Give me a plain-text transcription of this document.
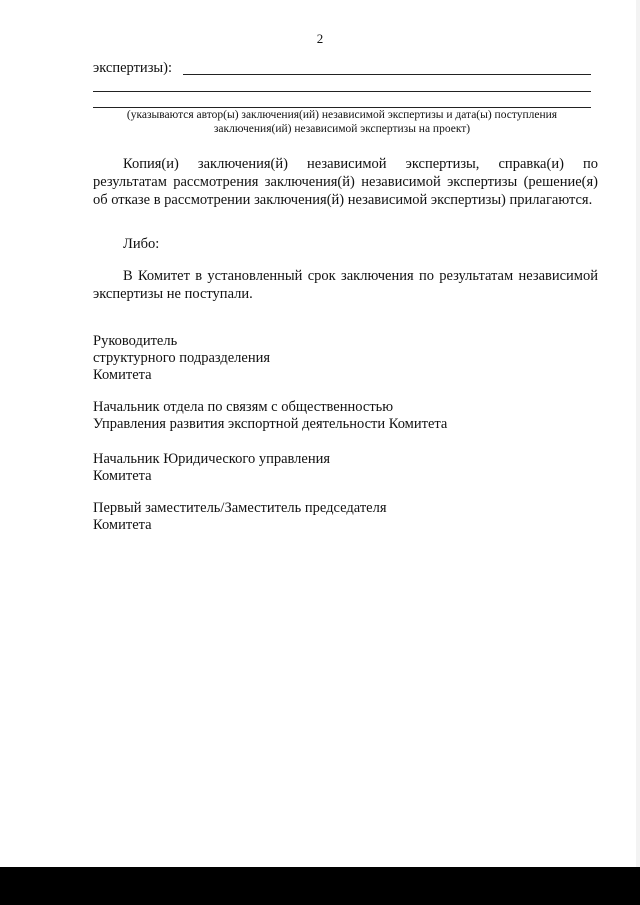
2
экспертизы):
(указываются автор(ы) заключения(ий) независимой экспертизы и дата(ы) поступления заключения(ий) независимой экспертизы на проект)
Копия(и) заключения(й) независимой экспертизы, справка(и) по результатам рассмотрения заключения(й) независимой экспертизы (решение(я) об отказе в рассмотрении заключения(й) независимой экспертизы) прилагаются.
Либо:
В Комитет в установленный срок заключения по результатам независимой экспертизы не поступали.
Руководитель
структурного подразделения
Комитета
Начальник отдела по связям с общественностью
Управления развития экспортной деятельности Комитета
Начальник Юридического управления
Комитета
Первый заместитель/Заместитель председателя
Комитета
